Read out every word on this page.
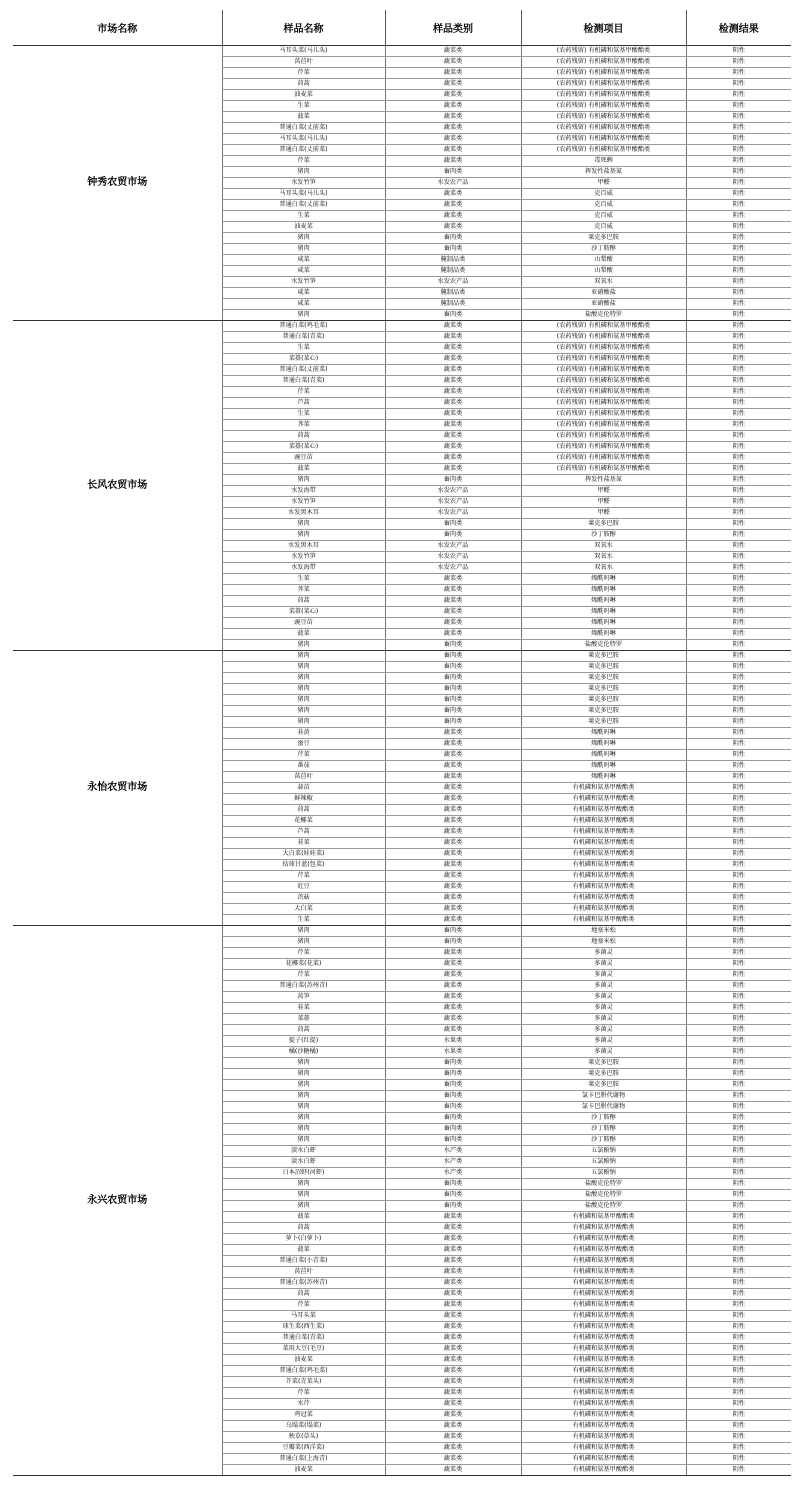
市场名称	样品名称	样品类别	检测项目	检测结果
钟秀农贸市场	马耳头菜(马儿头)	蔬菜类	(农药残留) 有机磷和氨基甲酸酯类	阴性
	莴苣叶	蔬菜类	(农药残留) 有机磷和氨基甲酸酯类	阴性
	芹菜	蔬菜类	(农药残留) 有机磷和氨基甲酸酯类	阴性
	茼蒿	蔬菜类	(农药残留) 有机磷和氨基甲酸酯类	阴性
	油麦菜	蔬菜类	(农药残留) 有机磷和氨基甲酸酯类	阴性
	生菜	蔬菜类	(农药残留) 有机磷和氨基甲酸酯类	阴性
	菠菜	蔬菜类	(农药残留) 有机磷和氨基甲酸酯类	阴性
	普通白菜(丈前菜)	蔬菜类	(农药残留) 有机磷和氨基甲酸酯类	阴性
	马耳头菜(马儿头)	蔬菜类	(农药残留) 有机磷和氨基甲酸酯类	阴性
	普通白菜(丈前菜)	蔬菜类	(农药残留) 有机磷和氨基甲酸酯类	阴性
	芹菜	蔬菜类	毒死蜱	阴性
	猪肉	畜肉类	挥发性盐基氮	阴性
	水发竹笋	水发农产品	甲醛	阴性
	马耳头菜(马儿头)	蔬菜类	克百威	阴性
	普通白菜(丈前菜)	蔬菜类	克百威	阴性
	生菜	蔬菜类	克百威	阴性
	油麦菜	蔬菜类	克百威	阴性
	猪肉	畜肉类	莱克多巴胺	阴性
	猪肉	畜肉类	沙丁胺醇	阴性
	咸菜	腌制品类	山梨酸	阴性
	咸菜	腌制品类	山梨酸	阴性
	水发竹笋	水发农产品	双氧水	阴性
	咸菜	腌制品类	亚硝酸盐	阴性
	咸菜	腌制品类	亚硝酸盐	阴性
	猪肉	畜肉类	盐酸克伦特罗	阴性
长风农贸市场	普通白菜(鸡毛菜)	蔬菜类	(农药残留) 有机磷和氨基甲酸酯类	阴性
	普通白菜(青菜)	蔬菜类	(农药残留) 有机磷和氨基甲酸酯类	阴性
	生菜	蔬菜类	(农药残留) 有机磷和氨基甲酸酯类	阴性
	菜薹(菜心)	蔬菜类	(农药残留) 有机磷和氨基甲酸酯类	阴性
	普通白菜(丈前菜)	蔬菜类	(农药残留) 有机磷和氨基甲酸酯类	阴性
	普通白菜(青菜)	蔬菜类	(农药残留) 有机磷和氨基甲酸酯类	阴性
	芹菜	蔬菜类	(农药残留) 有机磷和氨基甲酸酯类	阴性
	芦蒿	蔬菜类	(农药残留) 有机磷和氨基甲酸酯类	阴性
	生菜	蔬菜类	(农药残留) 有机磷和氨基甲酸酯类	阴性
	荠菜	蔬菜类	(农药残留) 有机磷和氨基甲酸酯类	阴性
	茼蒿	蔬菜类	(农药残留) 有机磷和氨基甲酸酯类	阴性
	菜薹(菜心)	蔬菜类	(农药残留) 有机磷和氨基甲酸酯类	阴性
	豌豆苗	蔬菜类	(农药残留) 有机磷和氨基甲酸酯类	阴性
	菠菜	蔬菜类	(农药残留) 有机磷和氨基甲酸酯类	阴性
	猪肉	畜肉类	挥发性盐基氮	阴性
	水发海带	水发农产品	甲醛	阴性
	水发竹笋	水发农产品	甲醛	阴性
	水发黑木耳	水发农产品	甲醛	阴性
	猪肉	畜肉类	莱克多巴胺	阴性
	猪肉	畜肉类	沙丁胺醇	阴性
	水发黑木耳	水发农产品	双氧水	阴性
	水发竹笋	水发农产品	双氧水	阴性
	水发海带	水发农产品	双氧水	阴性
	生菜	蔬菜类	烯酰吗啉	阴性
	荠菜	蔬菜类	烯酰吗啉	阴性
	茼蒿	蔬菜类	烯酰吗啉	阴性
	菜薹(菜心)	蔬菜类	烯酰吗啉	阴性
	豌豆苗	蔬菜类	烯酰吗啉	阴性
	菠菜	蔬菜类	烯酰吗啉	阴性
	猪肉	畜肉类	盐酸克伦特罗	阴性
永怡农贸市场	猪肉	畜肉类	莱克多巴胺	阴性
	猪肉	畜肉类	莱克多巴胺	阴性
	猪肉	畜肉类	莱克多巴胺	阴性
	猪肉	畜肉类	莱克多巴胺	阴性
	猪肉	畜肉类	莱克多巴胺	阴性
	猪肉	畜肉类	莱克多巴胺	阴性
	猪肉	畜肉类	莱克多巴胺	阴性
	韭黄	蔬菜类	烯酰吗啉	阴性
	蚕豆	蔬菜类	烯酰吗啉	阴性
	芹菜	蔬菜类	烯酰吗啉	阴性
	番茄	蔬菜类	烯酰吗啉	阴性
	莴苣叶	蔬菜类	烯酰吗啉	阴性
	蒜苗	蔬菜类	有机磷和氨基甲酸酯类	阴性
	鲜辣椒	蔬菜类	有机磷和氨基甲酸酯类	阴性
	茼蒿	蔬菜类	有机磷和氨基甲酸酯类	阴性
	花椰菜	蔬菜类	有机磷和氨基甲酸酯类	阴性
	芦蒿	蔬菜类	有机磷和氨基甲酸酯类	阴性
	韭菜	蔬菜类	有机磷和氨基甲酸酯类	阴性
	大白菜(娃娃菜)	蔬菜类	有机磷和氨基甲酸酯类	阴性
	结球甘蓝(包菜)	蔬菜类	有机磷和氨基甲酸酯类	阴性
	芹菜	蔬菜类	有机磷和氨基甲酸酯类	阴性
	豇豆	蔬菜类	有机磷和氨基甲酸酯类	阴性
	茨菇	蔬菜类	有机磷和氨基甲酸酯类	阴性
	大白菜	蔬菜类	有机磷和氨基甲酸酯类	阴性
	生菜	蔬菜类	有机磷和氨基甲酸酯类	阴性
永兴农贸市场	猪肉	畜肉类	地塞米松	阴性
	猪肉	畜肉类	地塞米松	阴性
	芹菜	蔬菜类	多菌灵	阴性
	花椰菜(花菜)	蔬菜类	多菌灵	阴性
	芹菜	蔬菜类	多菌灵	阴性
	普通白菜(苏州青)	蔬菜类	多菌灵	阴性
	莴笋	蔬菜类	多菌灵	阴性
	韭菜	蔬菜类	多菌灵	阴性
	菜薹	蔬菜类	多菌灵	阴性
	茼蒿	蔬菜类	多菌灵	阴性
	提子(红提)	水果类	多菌灵	阴性
	橘(沙糖橘)	水果类	多菌灵	阴性
	猪肉	畜肉类	莱克多巴胺	阴性
	猪肉	畜肉类	莱克多巴胺	阴性
	猪肉	畜肉类	莱克多巴胺	阴性
	猪肉	畜肉类	氯卡巴肼代谢物	阴性
	猪肉	畜肉类	氯卡巴肼代谢物	阴性
	猪肉	畜肉类	沙丁胺醇	阴性
	猪肉	畜肉类	沙丁胺醇	阴性
	猪肉	畜肉类	沙丁胺醇	阴性
	淡水白虾	水产类	五氯酚钠	阴性
	淡水白虾	水产类	五氯酚钠	阴性
	日本沼虾(河虾)	水产类	五氯酚钠	阴性
	猪肉	畜肉类	盐酸克伦特罗	阴性
	猪肉	畜肉类	盐酸克伦特罗	阴性
	猪肉	畜肉类	盐酸克伦特罗	阴性
	菠菜	蔬菜类	有机磷和氨基甲酸酯类	阴性
	茼蒿	蔬菜类	有机磷和氨基甲酸酯类	阴性
	萝卜(白萝卜)	蔬菜类	有机磷和氨基甲酸酯类	阴性
	菠菜	蔬菜类	有机磷和氨基甲酸酯类	阴性
	普通白菜(小青菜)	蔬菜类	有机磷和氨基甲酸酯类	阴性
	莴苣叶	蔬菜类	有机磷和氨基甲酸酯类	阴性
	普通白菜(苏州青)	蔬菜类	有机磷和氨基甲酸酯类	阴性
	茼蒿	蔬菜类	有机磷和氨基甲酸酯类	阴性
	芹菜	蔬菜类	有机磷和氨基甲酸酯类	阴性
	马耳头菜	蔬菜类	有机磷和氨基甲酸酯类	阴性
	球生菜(西生菜)	蔬菜类	有机磷和氨基甲酸酯类	阴性
	普通白菜(青菜)	蔬菜类	有机磷和氨基甲酸酯类	阴性
	菜用大豆(毛豆)	蔬菜类	有机磷和氨基甲酸酯类	阴性
	油麦菜	蔬菜类	有机磷和氨基甲酸酯类	阴性
	普通白菜(鸡毛菜)	蔬菜类	有机磷和氨基甲酸酯类	阴性
	芥菜(青菜头)	蔬菜类	有机磷和氨基甲酸酯类	阴性
	芹菜	蔬菜类	有机磷和氨基甲酸酯类	阴性
	水芹	蔬菜类	有机磷和氨基甲酸酯类	阴性
	鸡冠菜	蔬菜类	有机磷和氨基甲酸酯类	阴性
	乌塌菜(塌菜)	蔬菜类	有机磷和氨基甲酸酯类	阴性
	秧草(草头)	蔬菜类	有机磷和氨基甲酸酯类	阴性
	豆瓣菜(西洋菜)	蔬菜类	有机磷和氨基甲酸酯类	阴性
	普通白菜(上海青)	蔬菜类	有机磷和氨基甲酸酯类	阴性
	油麦菜	蔬菜类	有机磷和氨基甲酸酯类	阴性
